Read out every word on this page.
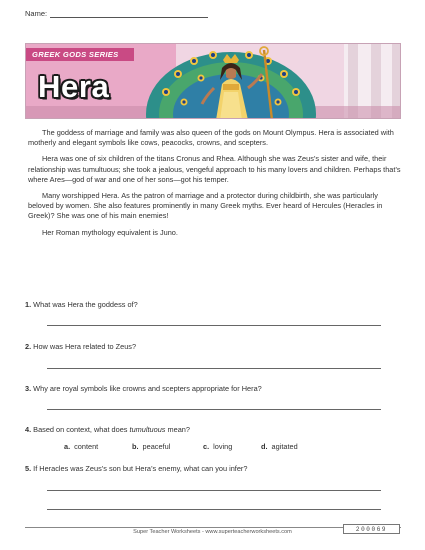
Name:
GREEK GODS SERIES
Hera

The goddess of marriage and family was also queen of the gods on Mount Olympus. Hera is associated with motherly and elegant symbols like cows, peacocks, crowns, and scepters.

Hera was one of six children of the titans Cronus and Rhea. Although she was Zeus’s sister and wife, their relationship was tumultuous; she took a jealous, vengeful approach to his many lovers and children. Perhaps that’s where Ares—god of war and one of her sons—got his temper.

Many worshipped Hera. As the patron of marriage and a protector during childbirth, she was particularly beloved by women. She also features prominently in many Greek myths. Ever heard of Hercules (Heracles in Greek)? She was one of his main enemies!

Her Roman mythology equivalent is Juno.

1. What was Hera the goddess of?
2. How was Hera related to Zeus?
3. Why are royal symbols like crowns and scepters appropriate for Hera?
4. Based on context, what does tumultuous mean?
a. content	b. peaceful	c. loving	d. agitated
5. If Heracles was Zeus’s son but Hera’s enemy, what can you infer?
Super Teacher Worksheets - www.superteacherworksheets.com	200069
